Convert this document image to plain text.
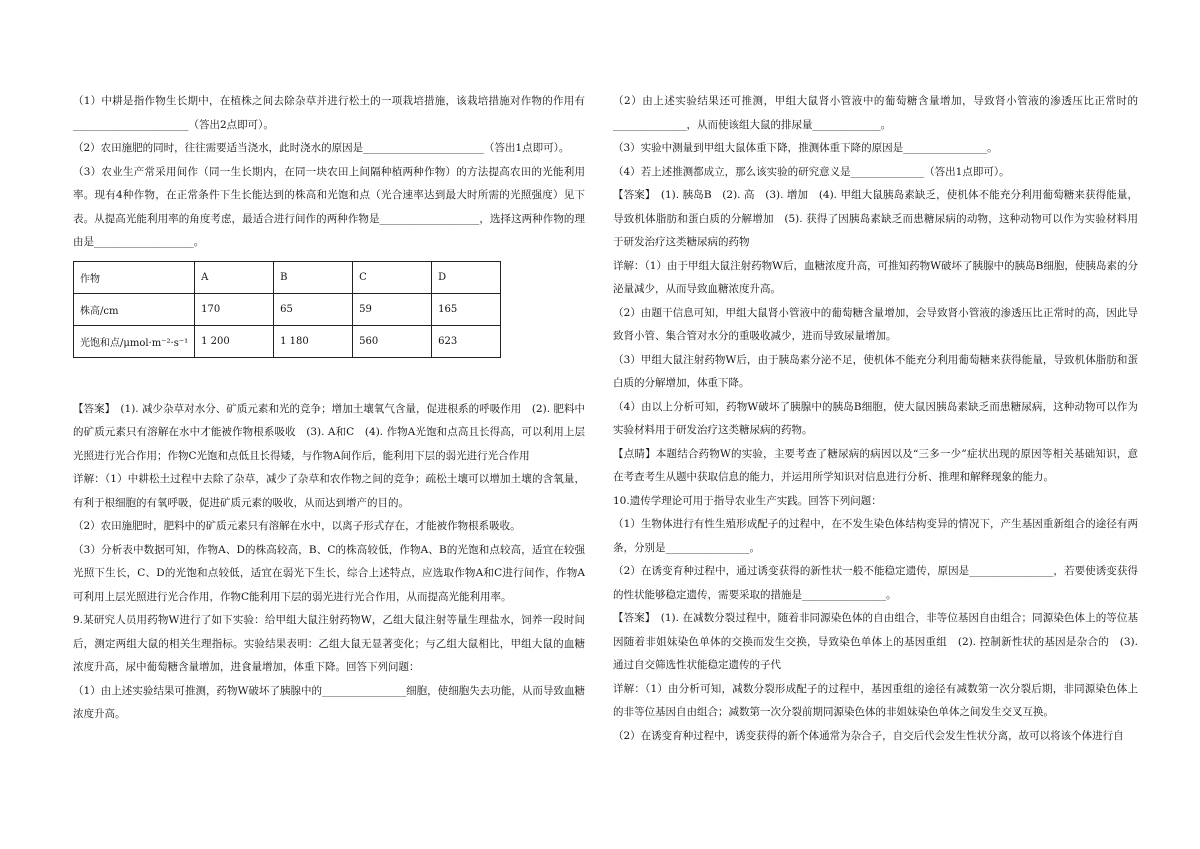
（1）中耕是指作物生长期中，在植株之间去除杂草并进行松土的一项栽培措施，该栽培措施对作物的作用有______________________（答出2点即可）。

（2）农田施肥的同时，往往需要适当浇水，此时浇水的原因是_______________________（答出1点即可）。

（3）农业生产常采用间作（同一生长期内，在同一块农田上间隔种植两种作物）的方法提高农田的光能利用率。现有4种作物，在正常条件下生长能达到的株高和光饱和点（光合速率达到最大时所需的光照强度）见下表。从提高光能利用率的角度考虑，最适合进行间作的两种作物是___________________，选择这两种作物的理由是___________________。

作物	A	B	C	D
株高/cm	170	65	59	165
光饱和点/μmol·m⁻²·s⁻¹	1 200	1 180	560	623

【答案】　(1). 减少杂草对水分、矿质元素和光的竞争；增加土壤氧气含量，促进根系的呼吸作用　(2). 肥料中的矿质元素只有溶解在水中才能被作物根系吸收　(3). A和C　(4). 作物A光饱和点高且长得高，可以利用上层光照进行光合作用；作物C光饱和点低且长得矮，与作物A间作后，能利用下层的弱光进行光合作用

详解：（1）中耕松土过程中去除了杂草，减少了杂草和农作物之间的竞争；疏松土壤可以增加土壤的含氧量，有利于根细胞的有氧呼吸，促进矿质元素的吸收，从而达到增产的目的。

（2）农田施肥时，肥料中的矿质元素只有溶解在水中，以离子形式存在，才能被作物根系吸收。

（3）分析表中数据可知，作物A、D的株高较高，B、C的株高较低，作物A、B的光饱和点较高，适宜在较强光照下生长，C、D的光饱和点较低，适宜在弱光下生长，综合上述特点，应选取作物A和C进行间作，作物A可利用上层光照进行光合作用，作物C能利用下层的弱光进行光合作用，从而提高光能利用率。

9.某研究人员用药物W进行了如下实验：给甲组大鼠注射药物W，乙组大鼠注射等量生理盐水，饲养一段时间后，测定两组大鼠的相关生理指标。实验结果表明：乙组大鼠无显著变化；与乙组大鼠相比，甲组大鼠的血糖浓度升高，尿中葡萄糖含量增加，进食量增加，体重下降。回答下列问题：

（1）由上述实验结果可推测，药物W破坏了胰腺中的________________细胞，使细胞失去功能，从而导致血糖浓度升高。

（2）由上述实验结果还可推测，甲组大鼠肾小管液中的葡萄糖含量增加，导致肾小管液的渗透压比正常时的______________，从而使该组大鼠的排尿量_____________。

（3）实验中测量到甲组大鼠体重下降，推测体重下降的原因是________________。

（4）若上述推测都成立，那么该实验的研究意义是______________（答出1点即可）。

【答案】　(1). 胰岛B　(2). 高　(3). 增加　(4). 甲组大鼠胰岛素缺乏，使机体不能充分利用葡萄糖来获得能量，导致机体脂肪和蛋白质的分解增加　(5). 获得了因胰岛素缺乏而患糖尿病的动物，这种动物可以作为实验材料用于研发治疗这类糖尿病的药物

详解：（1）由于甲组大鼠注射药物W后，血糖浓度升高，可推知药物W破坏了胰腺中的胰岛B细胞，使胰岛素的分泌量减少，从而导致血糖浓度升高。

（2）由题干信息可知，甲组大鼠肾小管液中的葡萄糖含量增加，会导致肾小管液的渗透压比正常时的高，因此导致肾小管、集合管对水分的重吸收减少，进而导致尿量增加。

（3）甲组大鼠注射药物W后，由于胰岛素分泌不足，使机体不能充分利用葡萄糖来获得能量，导致机体脂肪和蛋白质的分解增加，体重下降。

（4）由以上分析可知，药物W破坏了胰腺中的胰岛B细胞，使大鼠因胰岛素缺乏而患糖尿病，这种动物可以作为实验材料用于研发治疗这类糖尿病的药物。

【点睛】本题结合药物W的实验，主要考查了糖尿病的病因以及“三多一少”症状出现的原因等相关基础知识，意在考查考生从题中获取信息的能力，并运用所学知识对信息进行分析、推理和解释现象的能力。

10.遗传学理论可用于指导农业生产实践。回答下列问题：

（1）生物体进行有性生殖形成配子的过程中，在不发生染色体结构变异的情况下，产生基因重新组合的途径有两条，分别是________________。

（2）在诱变育种过程中，通过诱变获得的新性状一般不能稳定遗传，原因是________________，若要使诱变获得的性状能够稳定遗传，需要采取的措施是________________。

【答案】　(1). 在减数分裂过程中，随着非同源染色体的自由组合，非等位基因自由组合；同源染色体上的等位基因随着非姐妹染色单体的交换而发生交换，导致染色单体上的基因重组　(2). 控制新性状的基因是杂合的　(3). 通过自交筛选性状能稳定遗传的子代

详解：（1）由分析可知，减数分裂形成配子的过程中，基因重组的途径有减数第一次分裂后期，非同源染色体上的非等位基因自由组合；减数第一次分裂前期同源染色体的非姐妹染色单体之间发生交叉互换。

（2）在诱变育种过程中，诱变获得的新个体通常为杂合子，自交后代会发生性状分离，故可以将该个体进行自
